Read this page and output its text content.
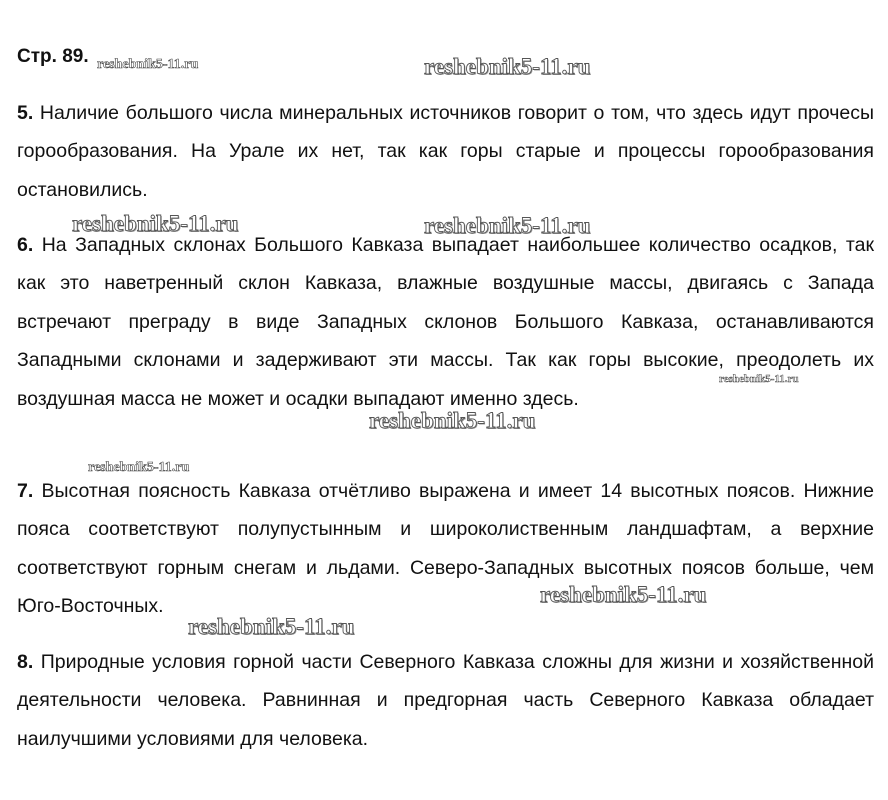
Стр. 89.

5. Наличие большого числа минеральных источников говорит о том, что здесь идут прочесы горообразования. На Урале их нет, так как горы старые и процессы горообразования остановились.

6. На Западных склонах Большого Кавказа выпадает наибольшее количество осадков, так как это наветренный склон Кавказа, влажные воздушные массы, двигаясь с Запада встречают преграду в виде Западных склонов Большого Кавказа, останавливаются Западными склонами и задерживают эти массы. Так как горы высокие, преодолеть их воздушная масса не может и осадки выпадают именно здесь.

7. Высотная поясность Кавказа отчётливо выражена и имеет 14 высотных поясов. Нижние пояса соответствуют полупустынным и широколиственным ландшафтам, а верхние соответствуют горным снегам и льдами. Северо-Западных высотных поясов больше, чем Юго-Восточных.

8. Природные условия горной части Северного Кавказа сложны для жизни и хозяйственной деятельности человека. Равнинная и предгорная часть Северного Кавказа обладает наилучшими условиями для человека.

reshebnik5-11.ru	reshebnik5-11.ru
reshebnik5-11.ru	reshebnik5-11.ru
reshebnik5-11.ru
reshebnik5-11.ru
reshebnik5-11.ru
reshebnik5-11.ru
reshebnik5-11.ru
